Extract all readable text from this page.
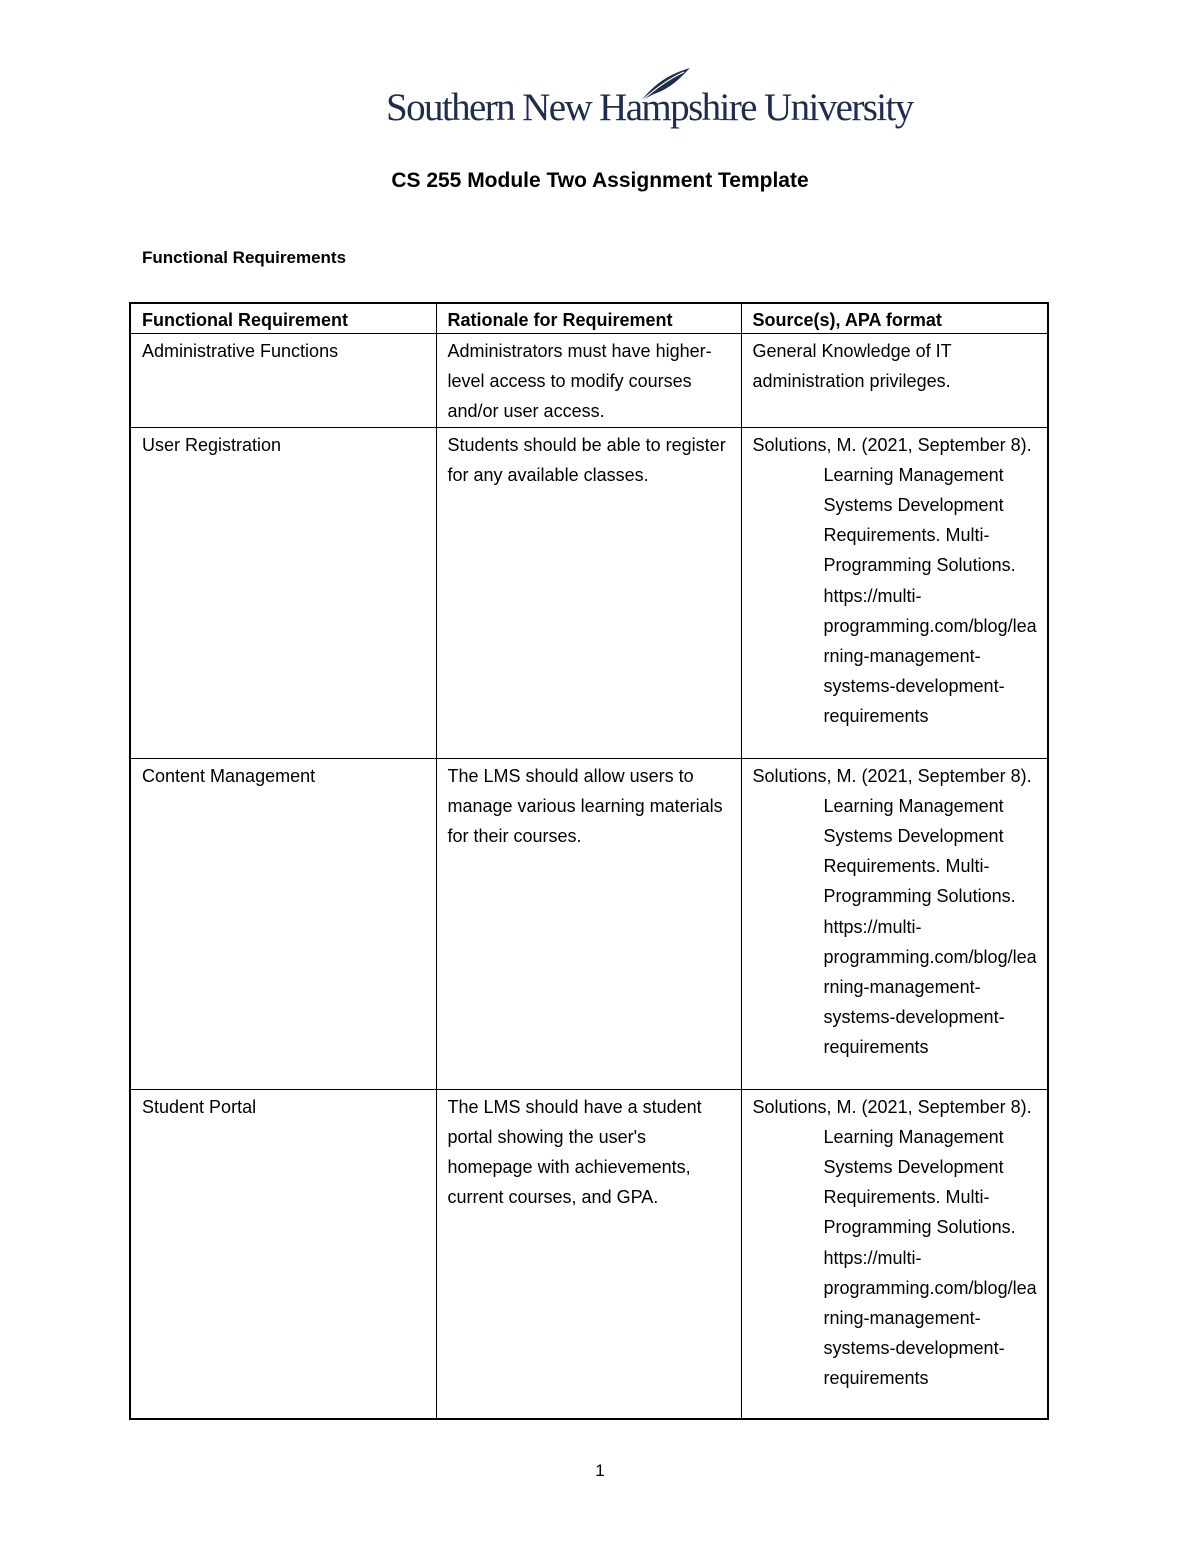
Southern New Hampshire University
CS 255 Module Two Assignment Template
Functional Requirements
Functional Requirement	Rationale for Requirement	Source(s), APA format

Administrative Functions	Administrators must have higher-level access to modify courses and/or user access.	General Knowledge of IT administration privileges.

User Registration	Students should be able to register for any available classes.	Solutions, M. (2021, September 8). Learning Management Systems Development Requirements. Multi-Programming Solutions. https://multi-programming.com/blog/learning-management-systems-development-requirements

Content Management	The LMS should allow users to manage various learning materials for their courses.	Solutions, M. (2021, September 8). Learning Management Systems Development Requirements. Multi-Programming Solutions. https://multi-programming.com/blog/learning-management-systems-development-requirements

Student Portal	The LMS should have a student portal showing the user's homepage with achievements, current courses, and GPA.	Solutions, M. (2021, September 8). Learning Management Systems Development Requirements. Multi-Programming Solutions. https://multi-programming.com/blog/learning-management-systems-development-requirements
1
